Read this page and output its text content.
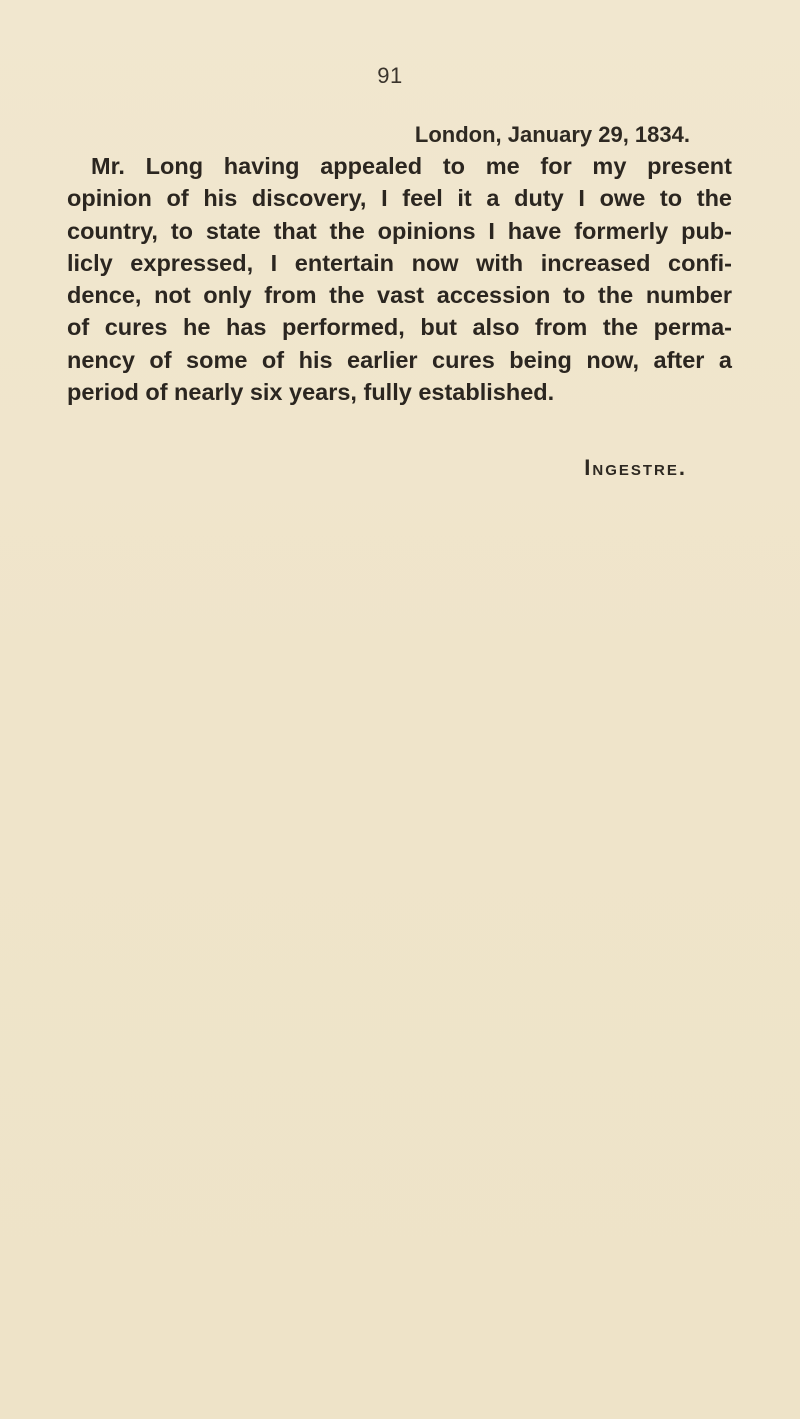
91
London, January 29, 1834.
Mr. Long having appealed to me for my present
opinion of his discovery, I feel it a duty I owe to the
country, to state that the opinions I have formerly pub-
licly expressed, I entertain now with increased confi-
dence, not only from the vast accession to the number
of cures he has performed, but also from the perma-
nency of some of his earlier cures being now, after a
period of nearly six years, fully established.
Ingestre.
